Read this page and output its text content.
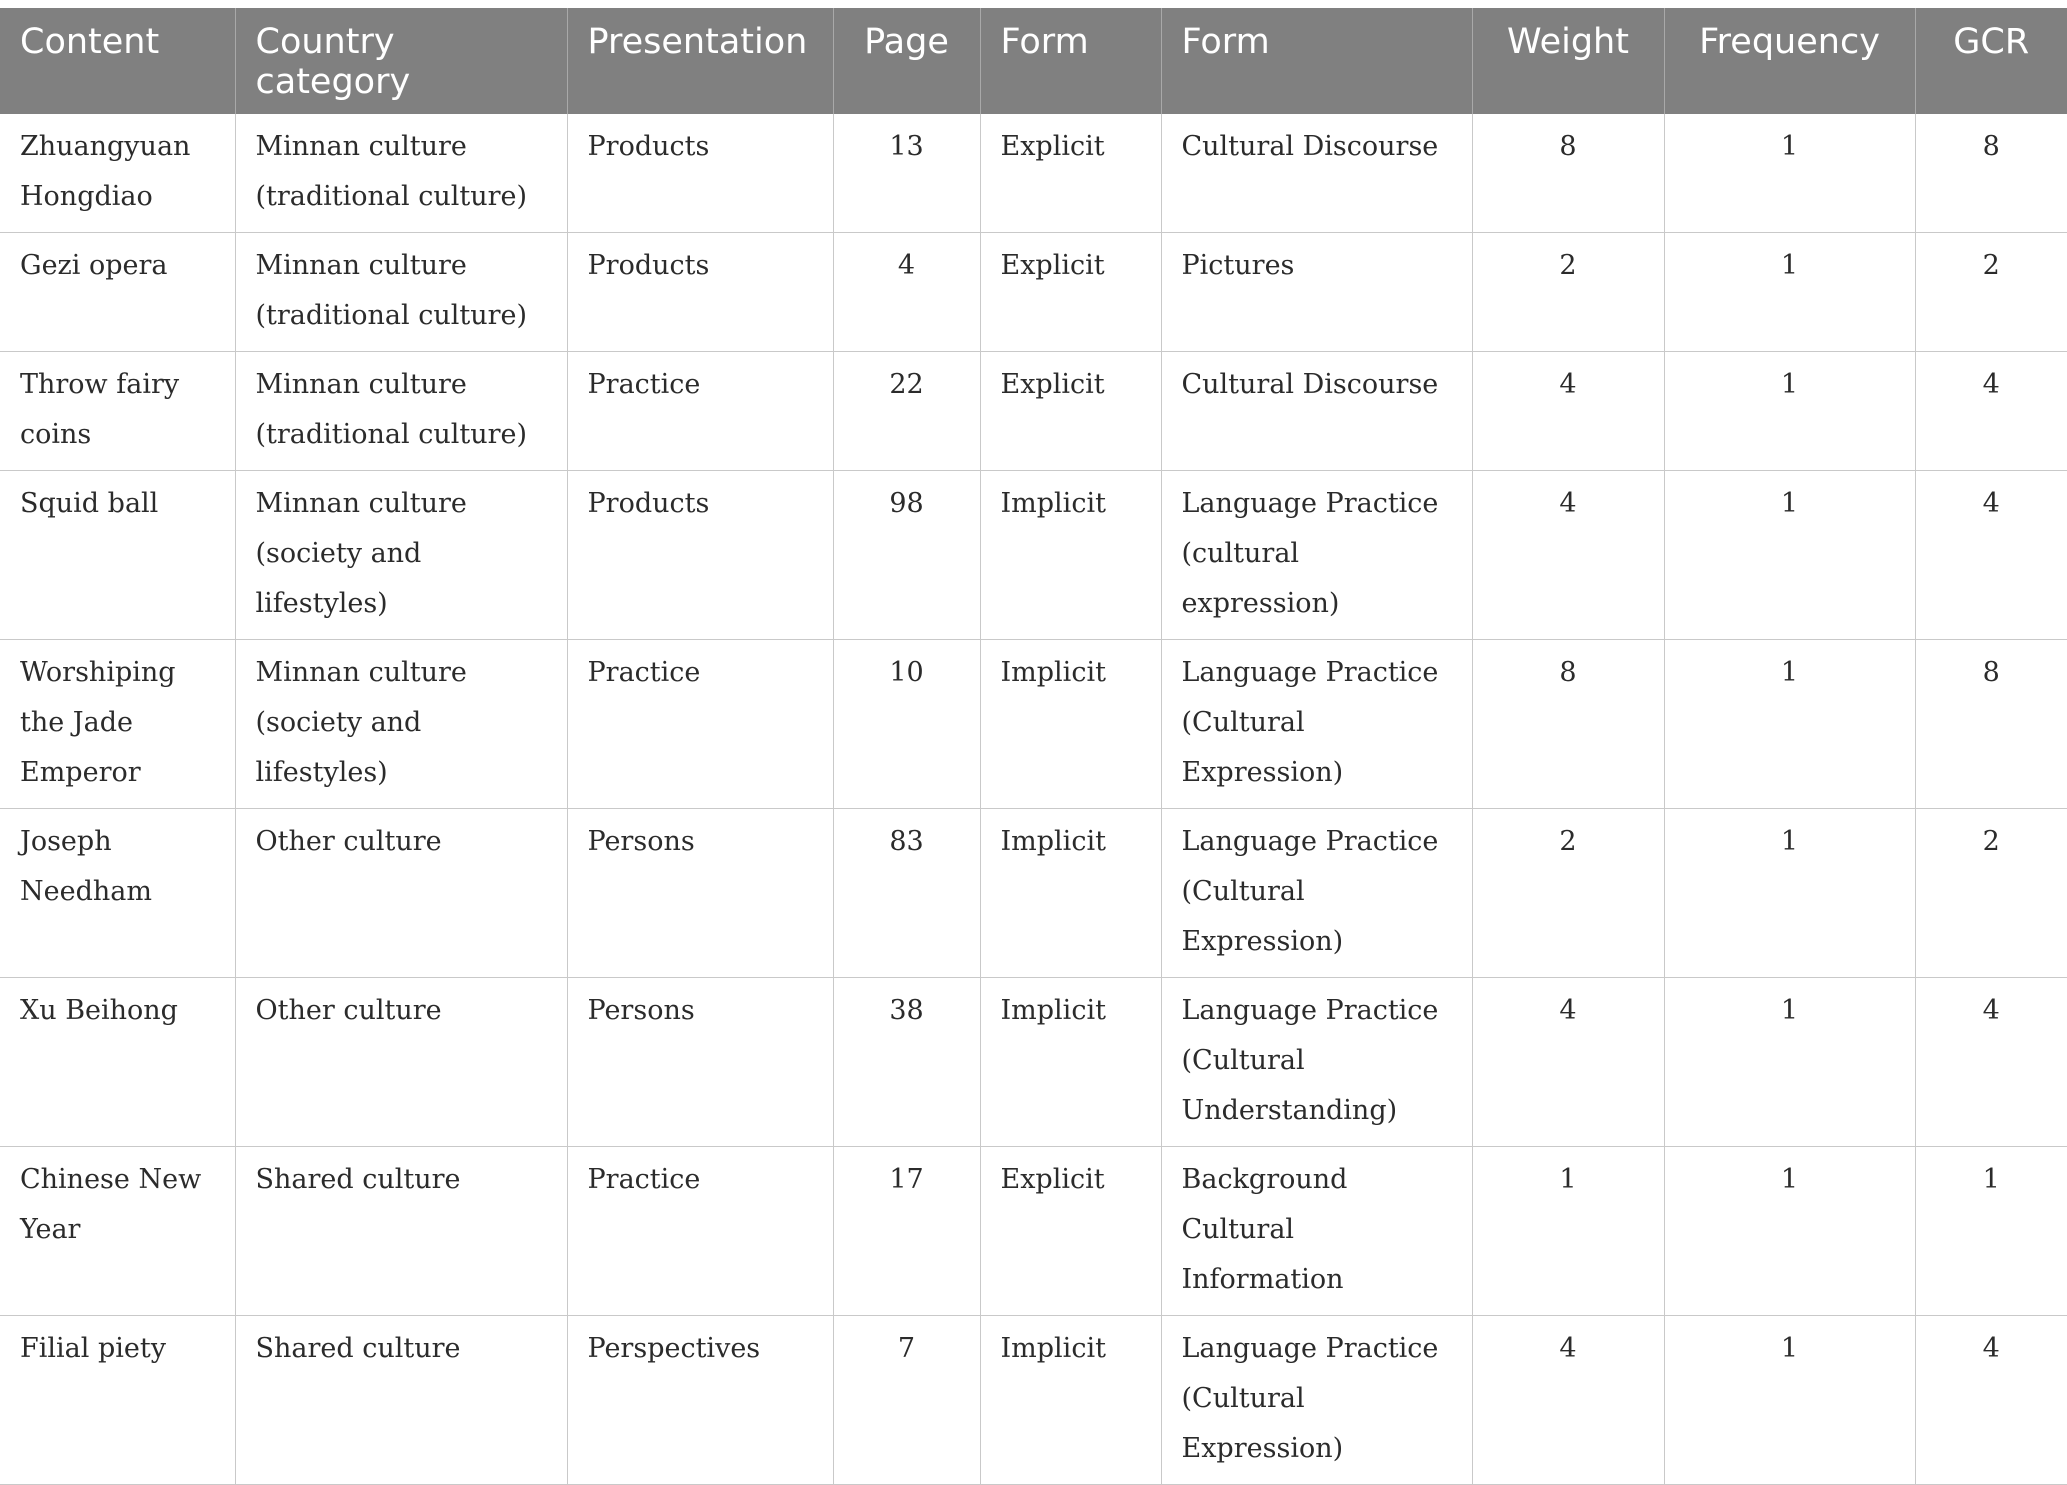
Content	Country category	Presentation	Page	Form	Form	Weight	Frequency	GCR
Zhuangyuan Hongdiao	Minnan culture (traditional culture)	Products	13	Explicit	Cultural Discourse	8	1	8
Gezi opera	Minnan culture (traditional culture)	Products	4	Explicit	Pictures	2	1	2
Throw fairy coins	Minnan culture (traditional culture)	Practice	22	Explicit	Cultural Discourse	4	1	4
Squid ball	Minnan culture (society and lifestyles)	Products	98	Implicit	Language Practice (cultural expression)	4	1	4
Worshiping the Jade Emperor	Minnan culture (society and lifestyles)	Practice	10	Implicit	Language Practice (Cultural Expression)	8	1	8
Joseph Needham	Other culture	Persons	83	Implicit	Language Practice (Cultural Expression)	2	1	2
Xu Beihong	Other culture	Persons	38	Implicit	Language Practice (Cultural Understanding)	4	1	4
Chinese New Year	Shared culture	Practice	17	Explicit	Background Cultural Information	1	1	1
Filial piety	Shared culture	Perspectives	7	Implicit	Language Practice (Cultural Expression)	4	1	4
